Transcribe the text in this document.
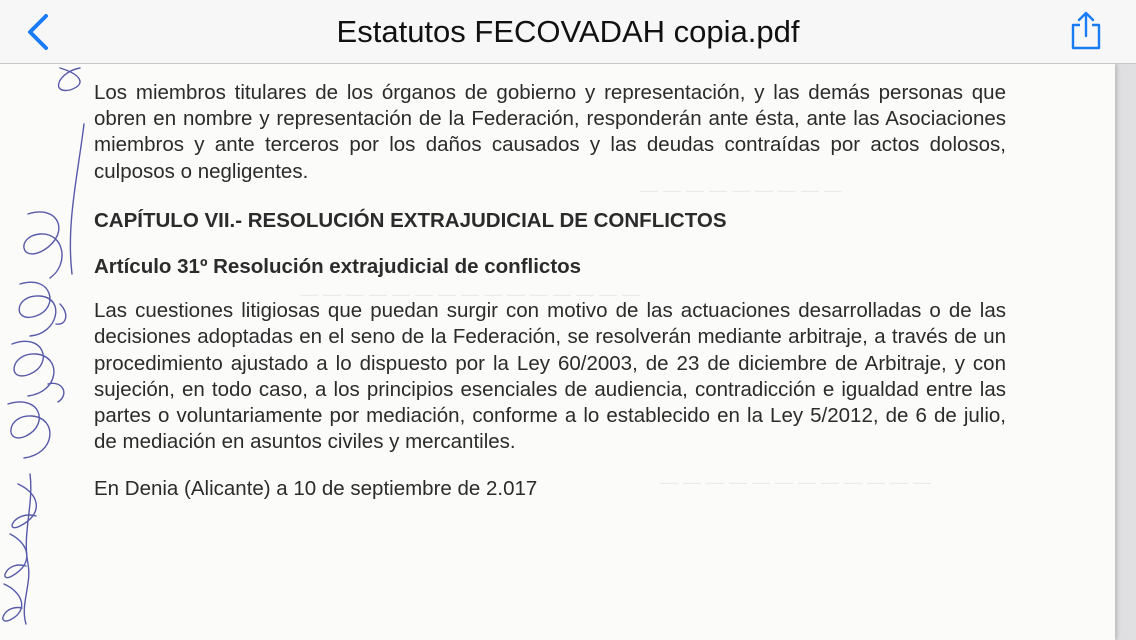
Estatutos FECOVADAH copia.pdf
— — — — — — — — —
— — — — — — — — — — — — — — —
— — — — — — — — — — — —

Los miembros titulares de los órganos de gobierno y representación, y las demás personas que obren en nombre y representación de la Federación, responderán ante ésta, ante las Asociaciones miembros y ante terceros por los daños causados y las deudas contraídas por actos dolosos, culposos o negligentes.

CAPÍTULO VII.- RESOLUCIÓN EXTRAJUDICIAL DE CONFLICTOS

Artículo 31º Resolución extrajudicial de conflictos

Las cuestiones litigiosas que puedan surgir con motivo de las actuaciones desarrolladas o de las decisiones adoptadas en el seno de la Federación, se resolverán mediante arbitraje, a través de un procedimiento ajustado a lo dispuesto por la Ley 60/2003, de 23 de diciembre de Arbitraje, y con sujeción, en todo caso, a los principios esenciales de audiencia, contradicción e igualdad entre las partes o voluntariamente por mediación, conforme a lo establecido en la Ley 5/2012, de 6 de julio, de mediación en asuntos civiles y mercantiles.

En Denia (Alicante) a 10 de septiembre de 2.017
